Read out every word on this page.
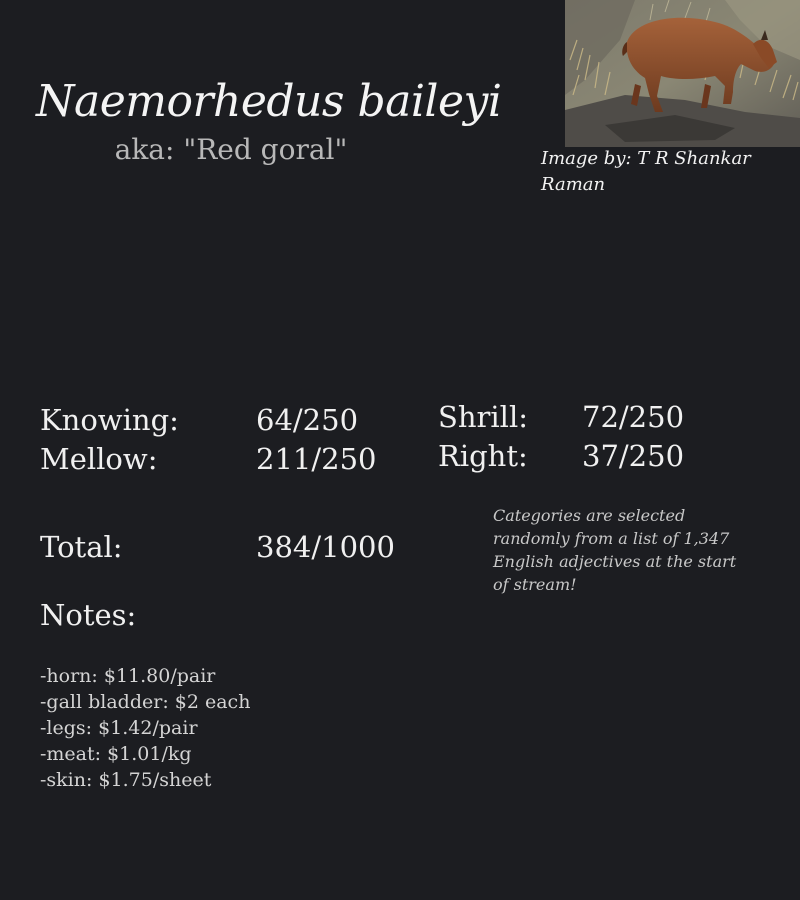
Naemorhedus baileyi
aka: "Red goral"	Image by: T R Shankar Raman
Knowing:	64/250
Mellow:	211/250
Shrill: 72/250
Right: 37/250
Total:	384/1000
Categories are selected randomly from a list of 1,347 English adjectives at the start of stream!
Notes:
-horn: $11.80/pair
-gall bladder: $2 each
-legs: $1.42/pair
-meat: $1.01/kg
-skin: $1.75/sheet
